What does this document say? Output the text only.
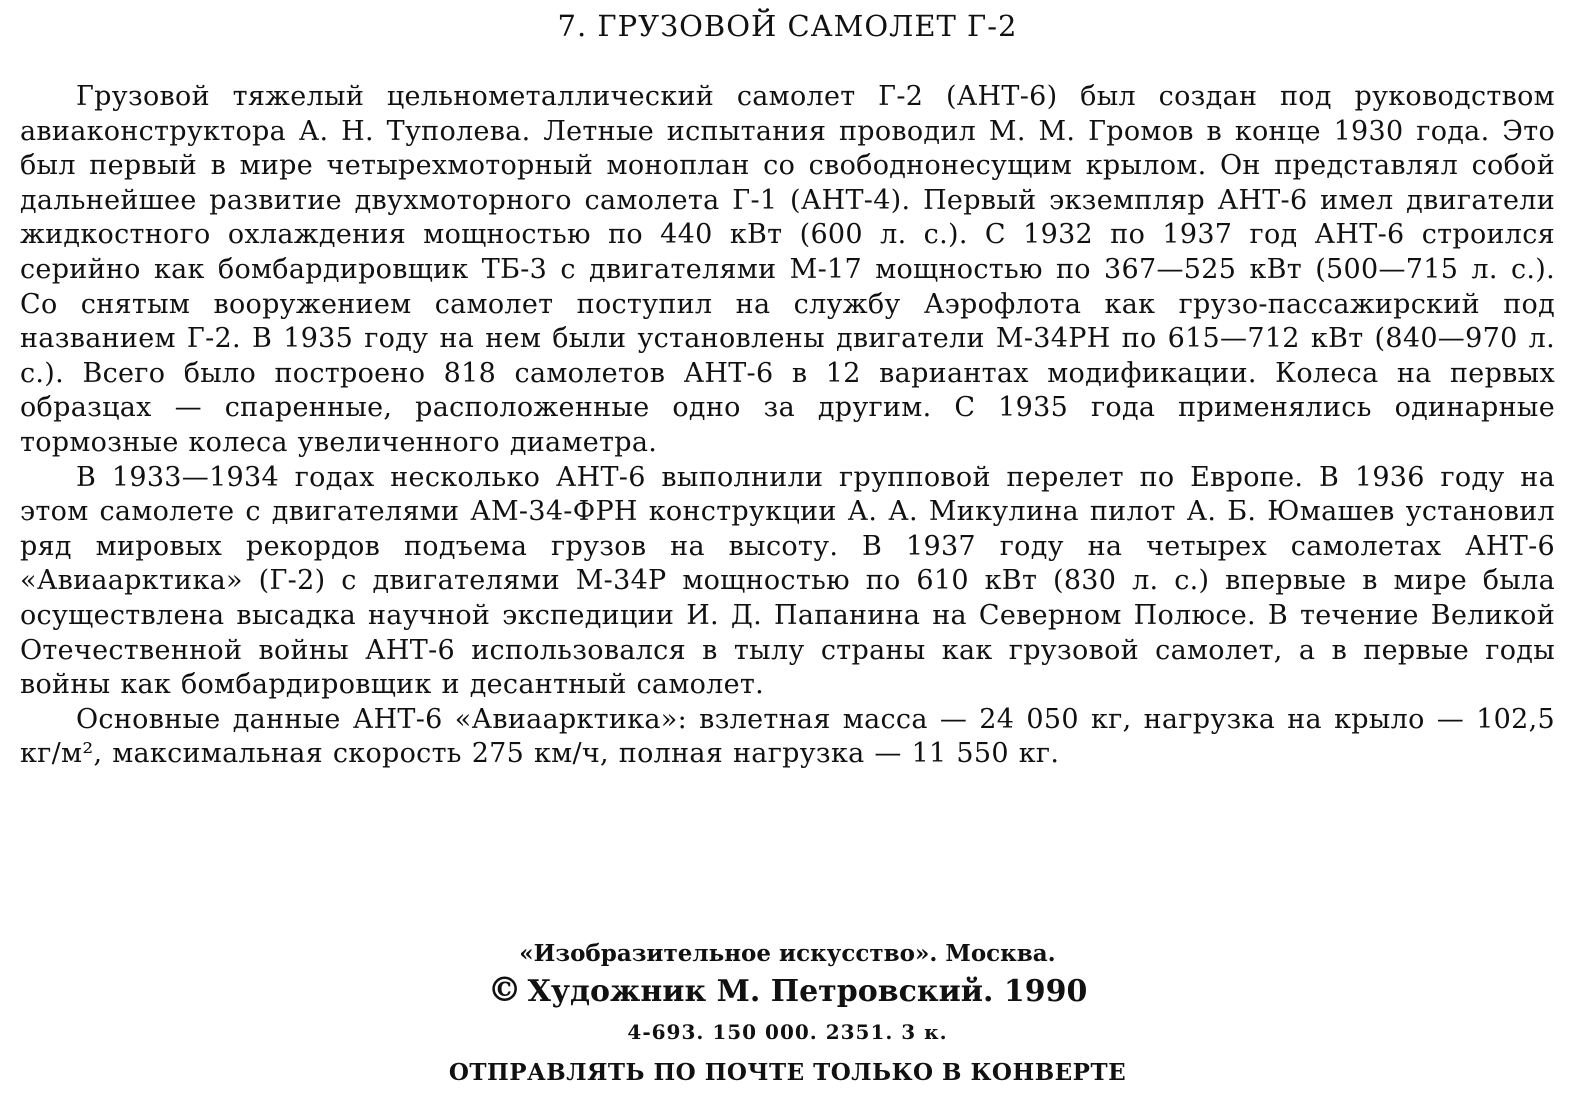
7. ГРУЗОВОЙ САМОЛЕТ Г-2

Грузовой тяжелый цельнометаллический самолет Г-2 (АНТ-6) был создан под руководством авиаконструктора А. Н. Туполева. Летные испытания проводил М. М. Громов в конце 1930 года. Это был первый в мире четырехмоторный моноплан со свободнонесущим крылом. Он представлял собой дальнейшее развитие двухмоторного самолета Г-1 (АНТ-4). Первый экземпляр АНТ-6 имел двигатели жидкостного охлаждения мощностью по 440 кВт (600 л. с.). С 1932 по 1937 год АНТ-6 строился серийно как бомбардировщик ТБ-3 с двигателями М-17 мощностью по 367—525 кВт (500—715 л. с.). Со снятым вооружением самолет поступил на службу Аэрофлота как грузо-пассажирский под названием Г-2. В 1935 году на нем были установлены двигатели М-34РН по 615—712 кВт (840—970 л. с.). Всего было построено 818 самолетов АНТ-6 в 12 вариантах модификации. Колеса на первых образцах — спаренные, расположенные одно за другим. С 1935 года применялись одинарные тормозные колеса увеличенного диаметра.

В 1933—1934 годах несколько АНТ-6 выполнили групповой перелет по Европе. В 1936 году на этом самолете с двигателями АМ-34-ФРН конструкции А. А. Микулина пилот А. Б. Юмашев установил ряд мировых рекордов подъема грузов на высоту. В 1937 году на четырех самолетах АНТ-6 «Авиаарктика» (Г-2) с двигателями М-34Р мощностью по 610 кВт (830 л. с.) впервые в мире была осуществлена высадка научной экспедиции И. Д. Папанина на Северном Полюсе. В течение Великой Отечественной войны АНТ-6 использовался в тылу страны как грузовой самолет, а в первые годы войны как бомбардировщик и десантный самолет.

Основные данные АНТ-6 «Авиаарктика»: взлетная масса — 24 050 кг, нагрузка на крыло — 102,5 кг/м², максимальная скорость 275 км/ч, полная нагрузка — 11 550 кг.

«Изобразительное искусство». Москва.

© Художник М. Петровский. 1990

4-693. 150 000. 2351. 3 к.

ОТПРАВЛЯТЬ ПО ПОЧТЕ ТОЛЬКО В КОНВЕРТЕ
